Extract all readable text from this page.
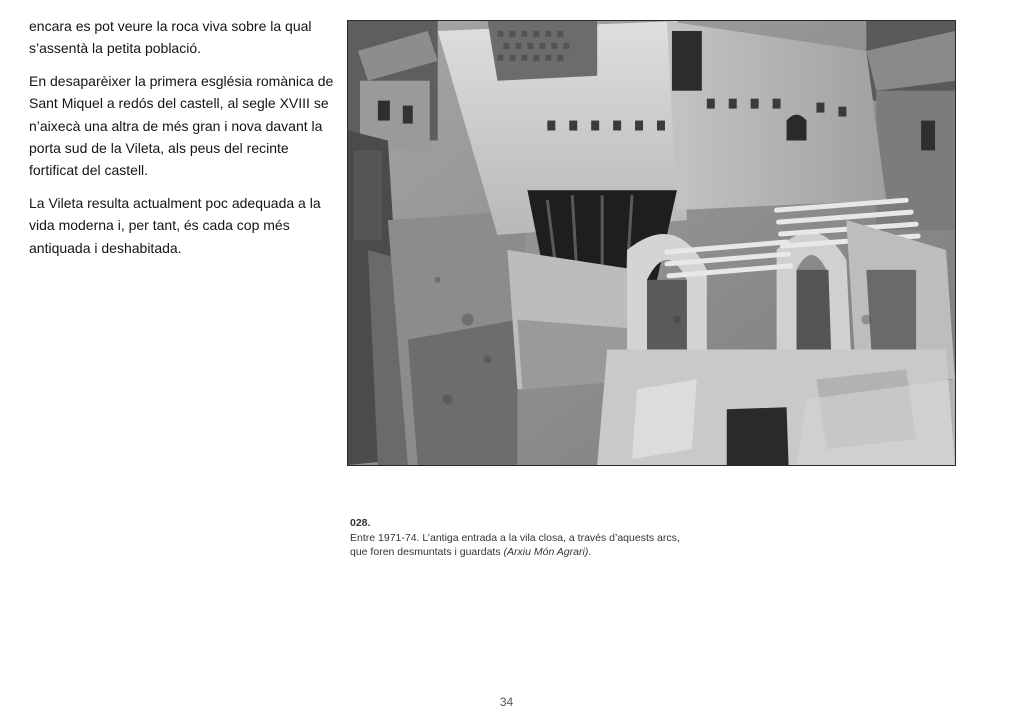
encara es pot veure la roca viva sobre la qual s’assentà la petita població.

En desaparèixer la primera església romànica de Sant Miquel a redós del castell, al segle XVIII se n’aixecà una altra de més gran i nova davant la porta sud de la Vileta, als peus del recinte fortificat del castell.

La Vileta resulta actualment poc adequada a la vida moderna i, per tant, és cada cop més antiquada i deshabitada.

028.
Entre 1971-74. L’antiga entrada a la vila closa, a través d’aquests arcs, que foren desmuntats i guardats (Arxiu Món Agrari).
34
